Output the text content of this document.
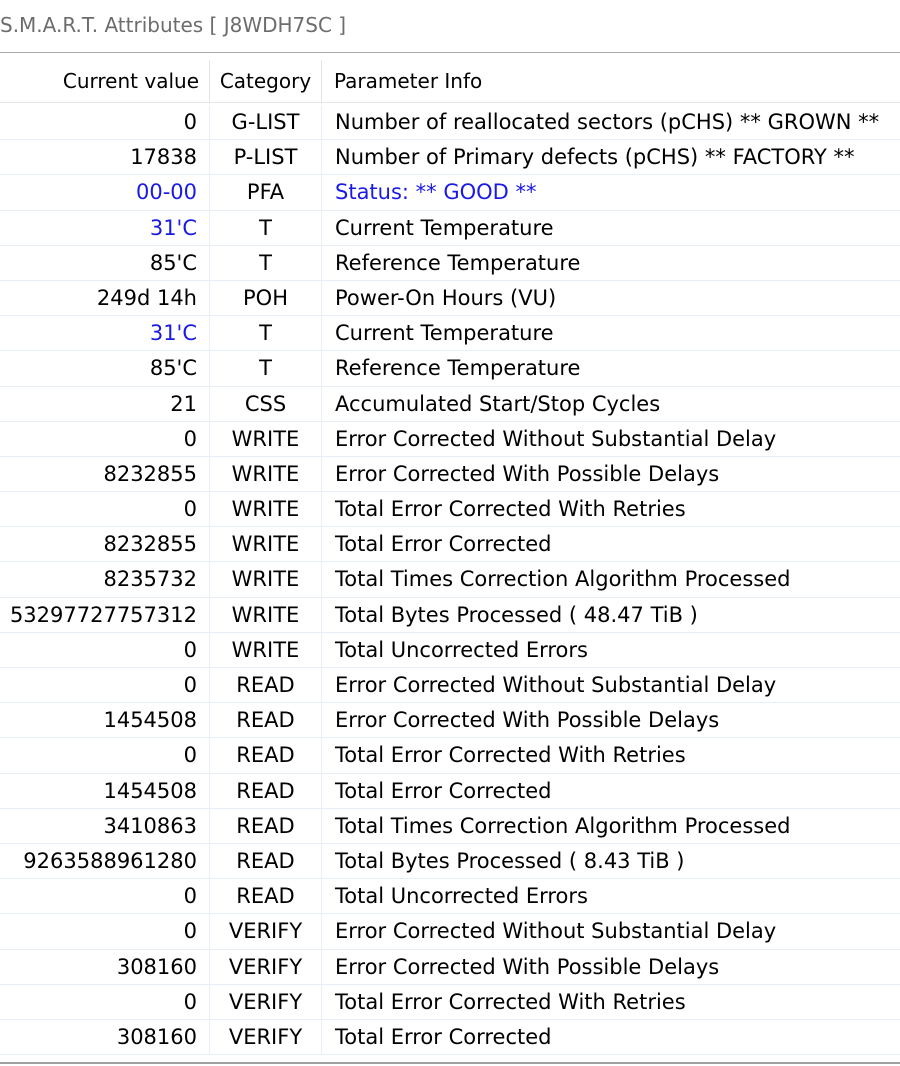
S.M.A.R.T. Attributes [ J8WDH7SC ]
Current value	Category	Parameter Info
0	G-LIST	Number of reallocated sectors (pCHS) ** GROWN **
17838	P-LIST	Number of Primary defects (pCHS) ** FACTORY **
00-00	PFA	Status: ** GOOD **
31'C	T	Current Temperature
85'C	T	Reference Temperature
249d 14h	POH	Power-On Hours (VU)
31'C	T	Current Temperature
85'C	T	Reference Temperature
21	CSS	Accumulated Start/Stop Cycles
0	WRITE	Error Corrected Without Substantial Delay
8232855	WRITE	Error Corrected With Possible Delays
0	WRITE	Total Error Corrected With Retries
8232855	WRITE	Total Error Corrected
8235732	WRITE	Total Times Correction Algorithm Processed
53297727757312	WRITE	Total Bytes Processed ( 48.47 TiB )
0	WRITE	Total Uncorrected Errors
0	READ	Error Corrected Without Substantial Delay
1454508	READ	Error Corrected With Possible Delays
0	READ	Total Error Corrected With Retries
1454508	READ	Total Error Corrected
3410863	READ	Total Times Correction Algorithm Processed
9263588961280	READ	Total Bytes Processed ( 8.43 TiB )
0	READ	Total Uncorrected Errors
0	VERIFY	Error Corrected Without Substantial Delay
308160	VERIFY	Error Corrected With Possible Delays
0	VERIFY	Total Error Corrected With Retries
308160	VERIFY	Total Error Corrected
